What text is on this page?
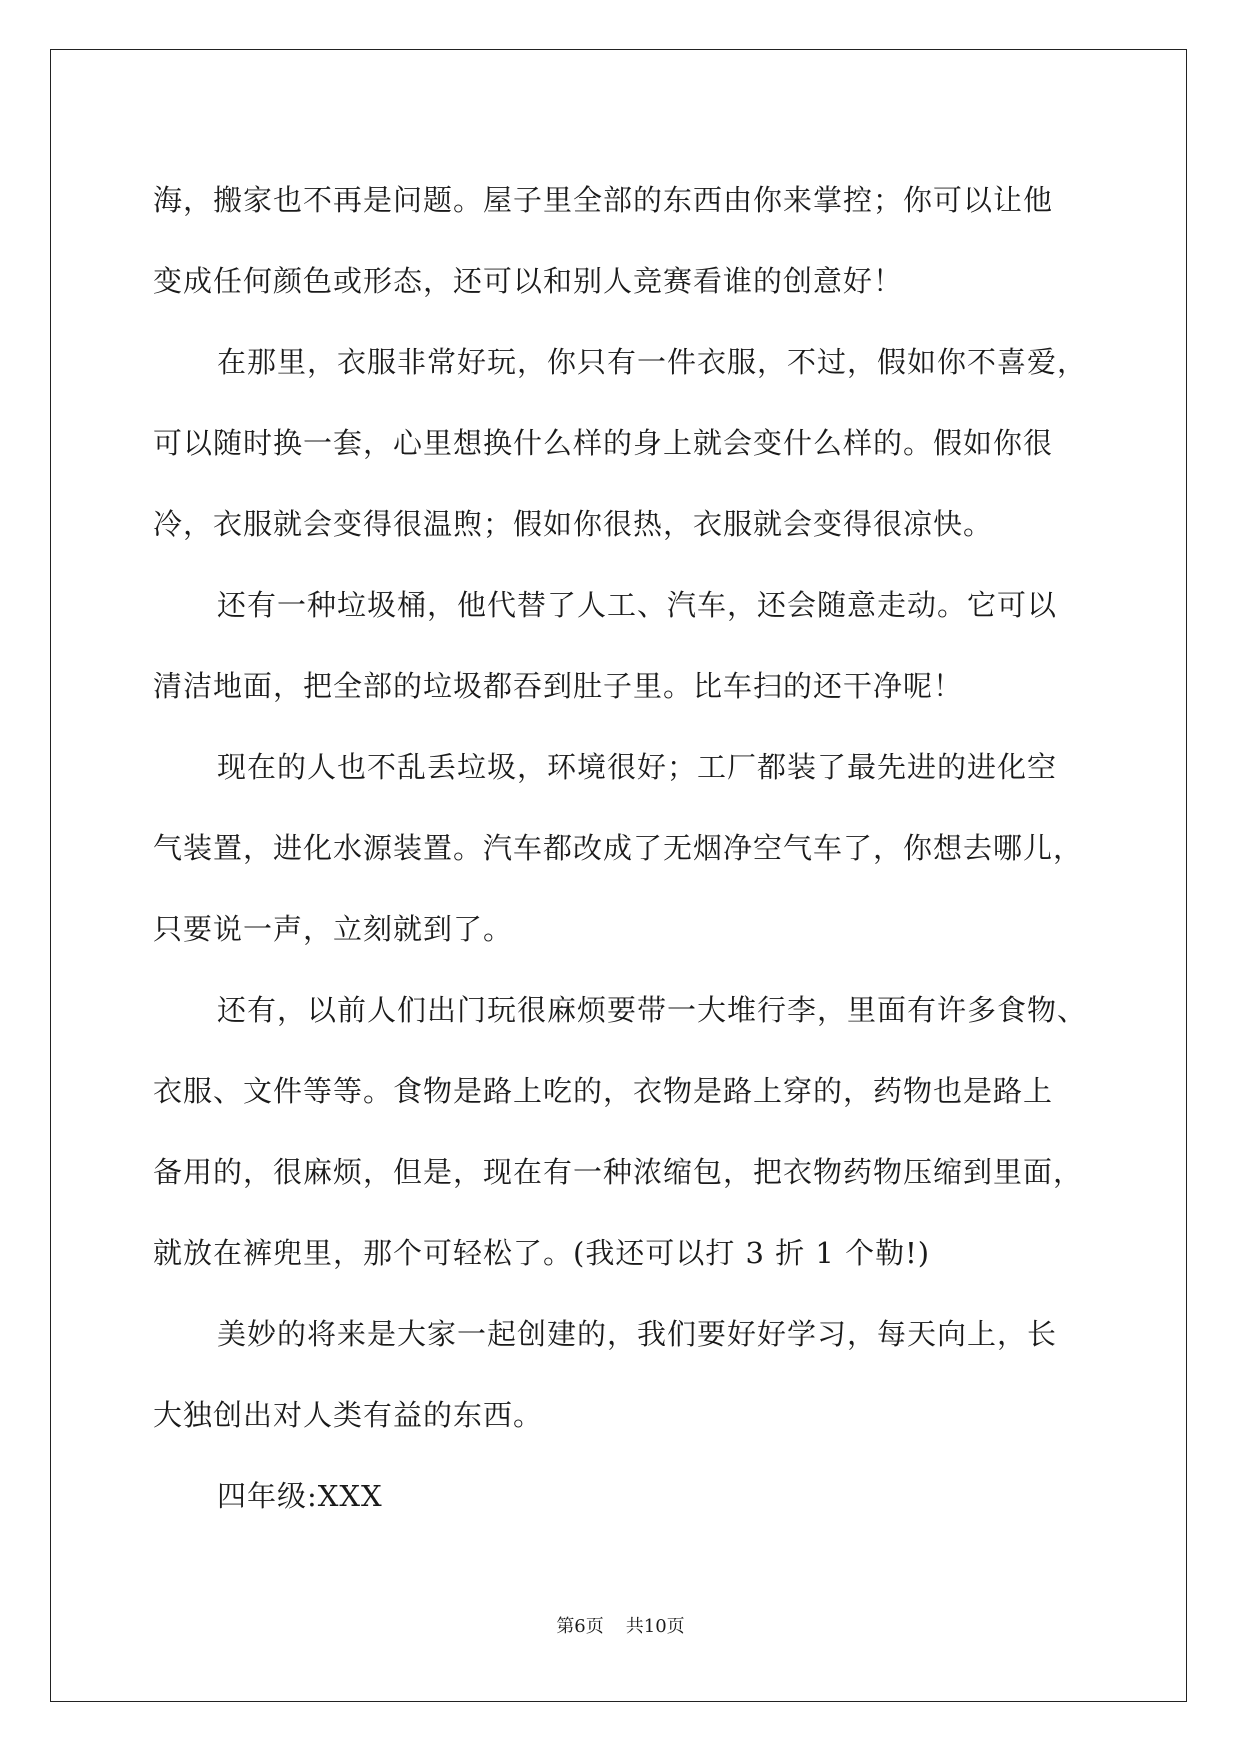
海，搬家也不再是问题。屋子里全部的东西由你来掌控；你可以让他
变成任何颜色或形态，还可以和别人竞赛看谁的创意好！
在那里，衣服非常好玩，你只有一件衣服，不过，假如你不喜爱，
可以随时换一套，心里想换什么样的身上就会变什么样的。假如你很
冷，衣服就会变得很温煦；假如你很热，衣服就会变得很凉快。
还有一种垃圾桶，他代替了人工、汽车，还会随意走动。它可以
清洁地面，把全部的垃圾都吞到肚子里。比车扫的还干净呢！
现在的人也不乱丢垃圾，环境很好；工厂都装了最先进的进化空
气装置，进化水源装置。汽车都改成了无烟净空气车了，你想去哪儿，
只要说一声，立刻就到了。
还有，以前人们出门玩很麻烦要带一大堆行李，里面有许多食物、
衣服、文件等等。食物是路上吃的，衣物是路上穿的，药物也是路上
备用的，很麻烦，但是，现在有一种浓缩包，把衣物药物压缩到里面，
就放在裤兜里，那个可轻松了。(我还可以打 3 折 1 个勒!)
美妙的将来是大家一起创建的，我们要好好学习，每天向上，长
大独创出对人类有益的东西。
四年级:XXX
第6页 共10页
